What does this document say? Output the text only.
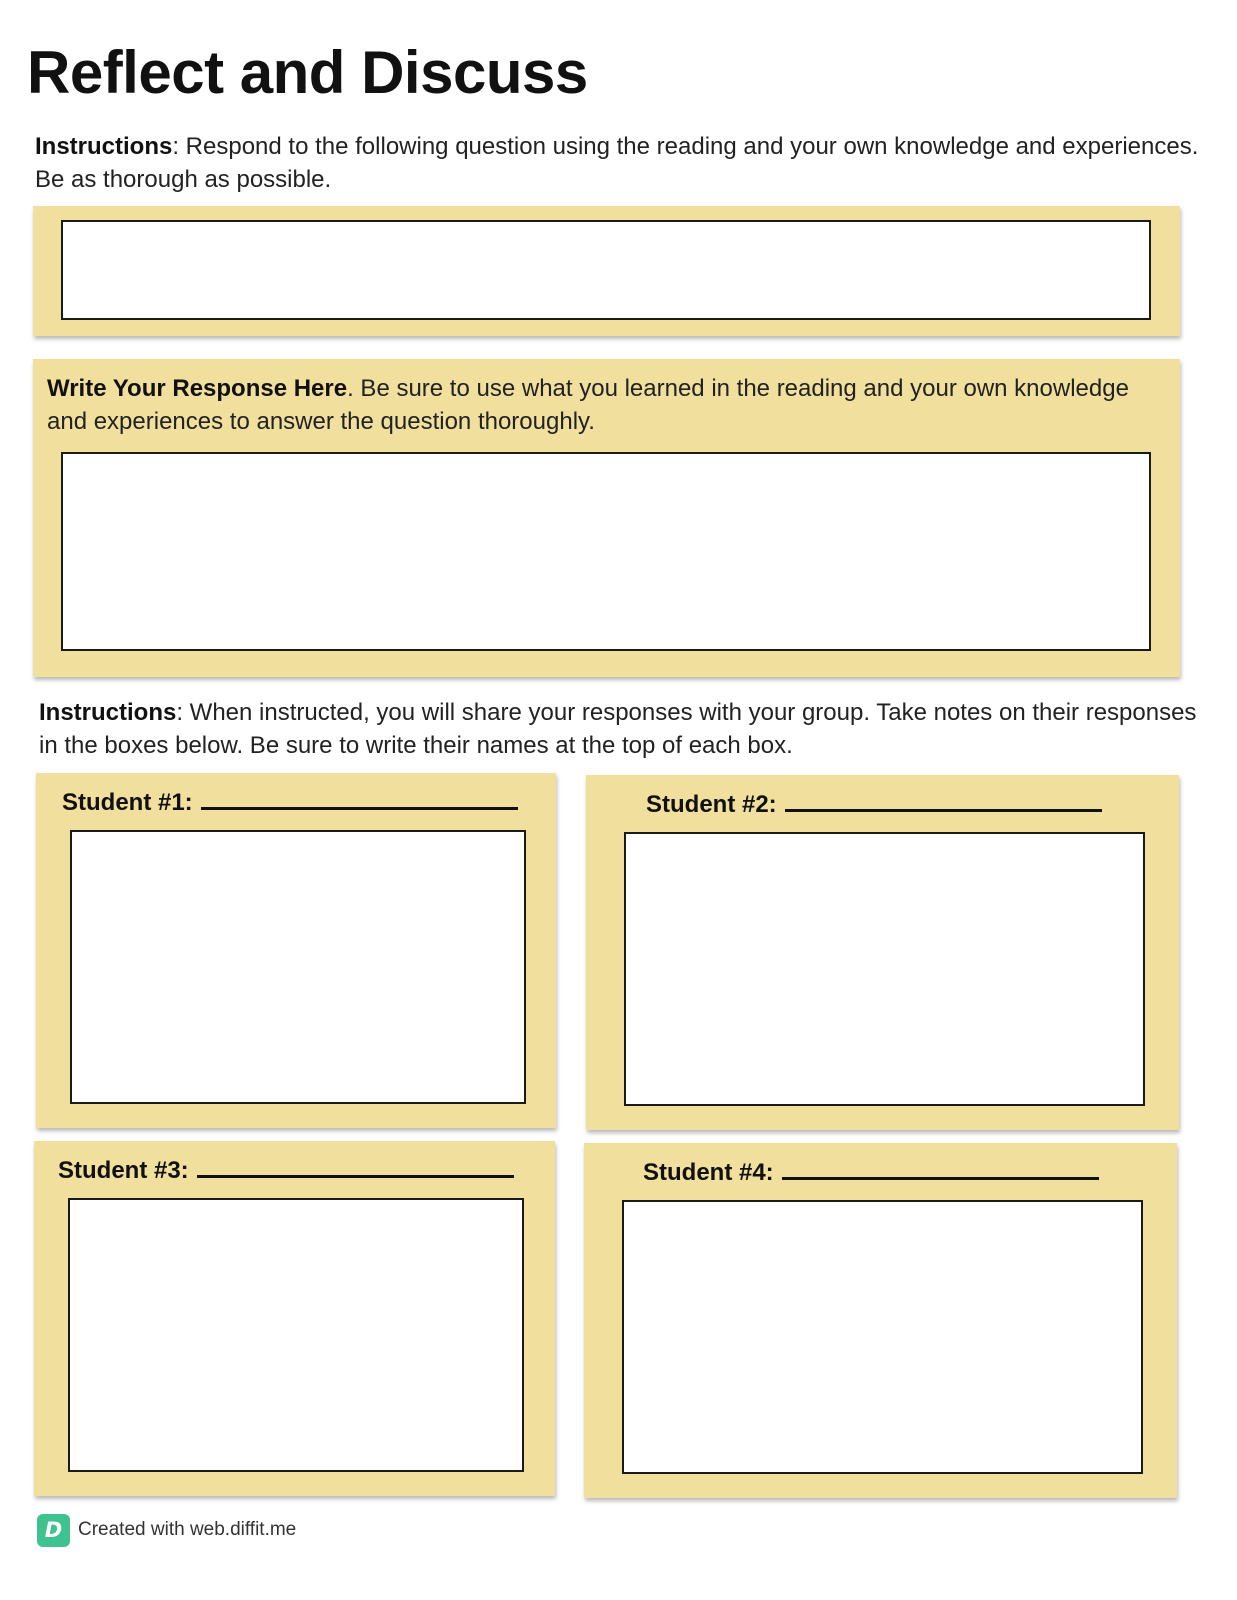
Reflect and Discuss
Instructions: Respond to the following question using the reading and your own knowledge and experiences. Be as thorough as possible.
Write Your Response Here. Be sure to use what you learned in the reading and your own knowledge and experiences to answer the question thoroughly.
Instructions: When instructed, you will share your responses with your group. Take notes on their responses in the boxes below. Be sure to write their names at the top of each box.
Student #1:	Student #2:
Student #3:	Student #4:
D Created with web.diffit.me
